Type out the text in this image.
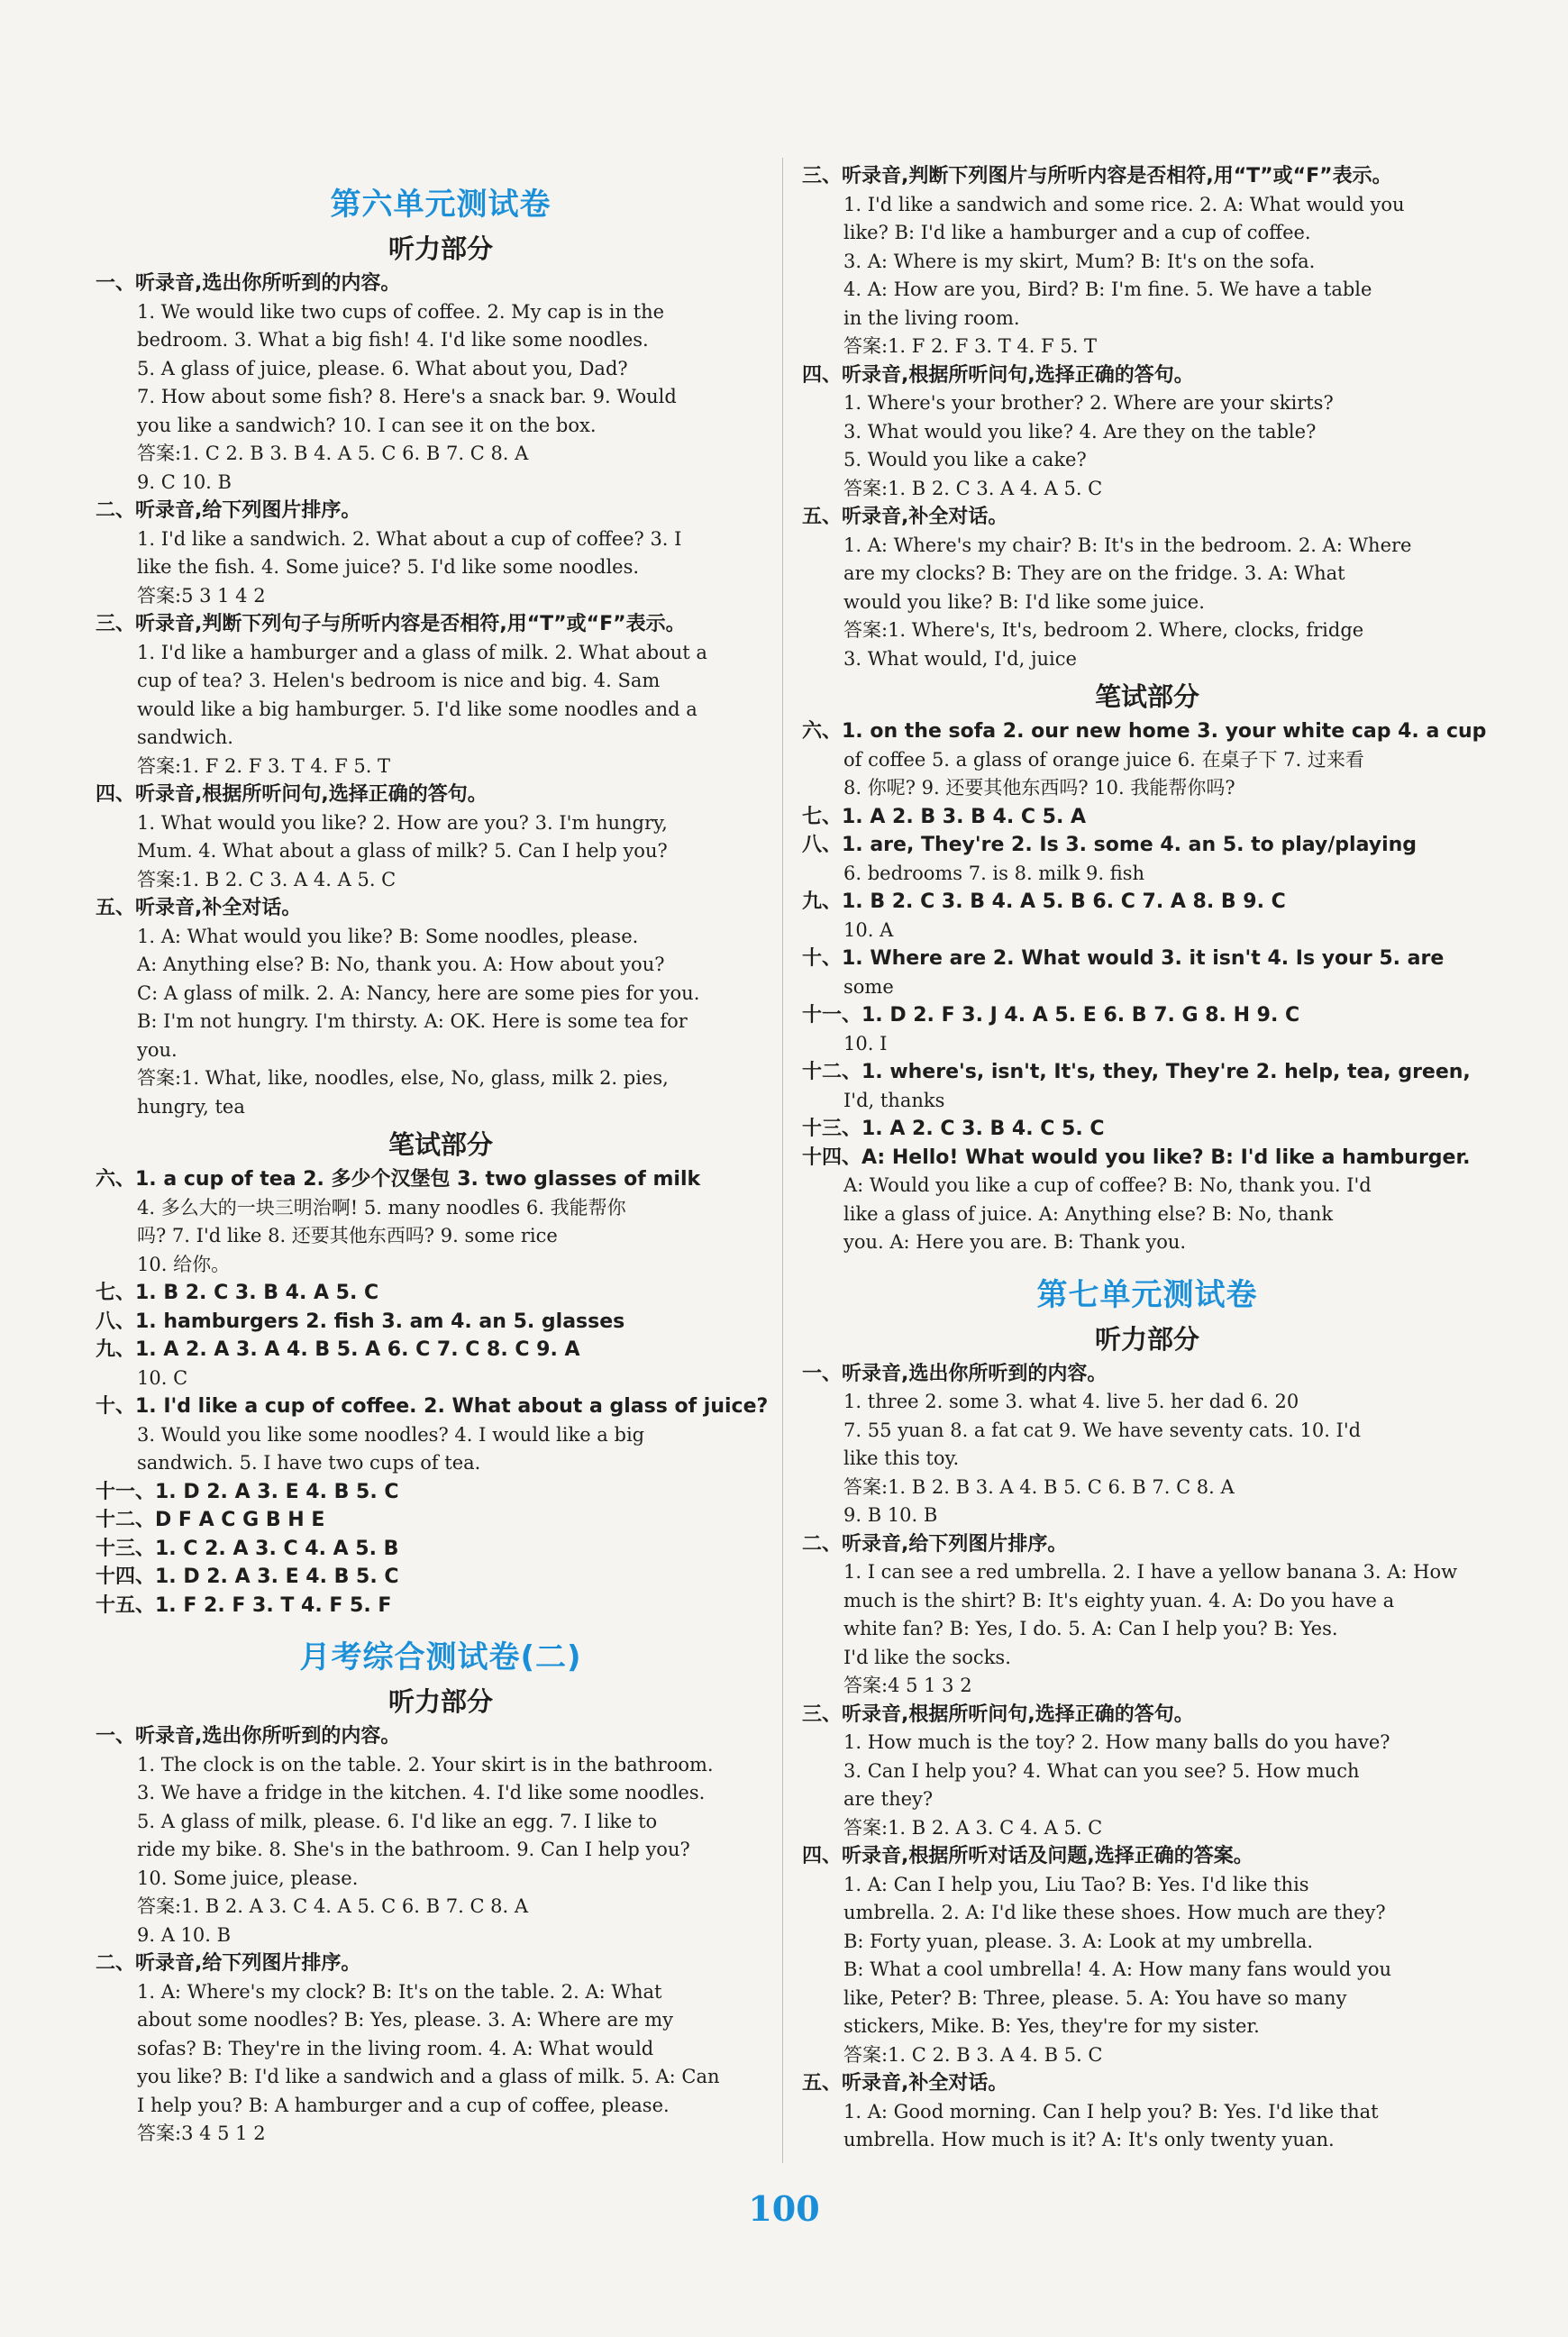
第六单元测试卷
听力部分
一、听录音,选出你所听到的内容。
1. We would like two cups of coffee. 2. My cap is in the
bedroom. 3. What a big fish! 4. I'd like some noodles.
5. A glass of juice, please. 6. What about you, Dad?
7. How about some fish? 8. Here's a snack bar. 9. Would
you like a sandwich? 10. I can see it on the box.
答案:1. C 2. B 3. B 4. A 5. C 6. B 7. C 8. A
9. C 10. B
二、听录音,给下列图片排序。
1. I'd like a sandwich. 2. What about a cup of coffee? 3. I
like the fish. 4. Some juice? 5. I'd like some noodles.
答案:5 3 1 4 2
三、听录音,判断下列句子与所听内容是否相符,用“T”或“F”表示。
1. I'd like a hamburger and a glass of milk. 2. What about a
cup of tea? 3. Helen's bedroom is nice and big. 4. Sam
would like a big hamburger. 5. I'd like some noodles and a
sandwich.
答案:1. F 2. F 3. T 4. F 5. T
四、听录音,根据所听问句,选择正确的答句。
1. What would you like? 2. How are you? 3. I'm hungry,
Mum. 4. What about a glass of milk? 5. Can I help you?
答案:1. B 2. C 3. A 4. A 5. C
五、听录音,补全对话。
1. A: What would you like? B: Some noodles, please.
A: Anything else? B: No, thank you. A: How about you?
C: A glass of milk. 2. A: Nancy, here are some pies for you.
B: I'm not hungry. I'm thirsty. A: OK. Here is some tea for
you.
答案:1. What, like, noodles, else, No, glass, milk 2. pies,
hungry, tea
笔试部分
六、1. a cup of tea 2. 多少个汉堡包 3. two glasses of milk
4. 多么大的一块三明治啊! 5. many noodles 6. 我能帮你
吗? 7. I'd like 8. 还要其他东西吗? 9. some rice
10. 给你。
七、1. B 2. C 3. B 4. A 5. C
八、1. hamburgers 2. fish 3. am 4. an 5. glasses
九、1. A 2. A 3. A 4. B 5. A 6. C 7. C 8. C 9. A
10. C
十、1. I'd like a cup of coffee. 2. What about a glass of juice?
3. Would you like some noodles? 4. I would like a big
sandwich. 5. I have two cups of tea.
十一、1. D 2. A 3. E 4. B 5. C
十二、D F A C G B H E
十三、1. C 2. A 3. C 4. A 5. B
十四、1. D 2. A 3. E 4. B 5. C
十五、1. F 2. F 3. T 4. F 5. F
月考综合测试卷(二)
听力部分
一、听录音,选出你所听到的内容。
1. The clock is on the table. 2. Your skirt is in the bathroom.
3. We have a fridge in the kitchen. 4. I'd like some noodles.
5. A glass of milk, please. 6. I'd like an egg. 7. I like to
ride my bike. 8. She's in the bathroom. 9. Can I help you?
10. Some juice, please.
答案:1. B 2. A 3. C 4. A 5. C 6. B 7. C 8. A
9. A 10. B
二、听录音,给下列图片排序。
1. A: Where's my clock? B: It's on the table. 2. A: What
about some noodles? B: Yes, please. 3. A: Where are my
sofas? B: They're in the living room. 4. A: What would
you like? B: I'd like a sandwich and a glass of milk. 5. A: Can
I help you? B: A hamburger and a cup of coffee, please.
答案:3 4 5 1 2
三、听录音,判断下列图片与所听内容是否相符,用“T”或“F”表示。
1. I'd like a sandwich and some rice. 2. A: What would you
like? B: I'd like a hamburger and a cup of coffee.
3. A: Where is my skirt, Mum? B: It's on the sofa.
4. A: How are you, Bird? B: I'm fine. 5. We have a table
in the living room.
答案:1. F 2. F 3. T 4. F 5. T
四、听录音,根据所听问句,选择正确的答句。
1. Where's your brother? 2. Where are your skirts?
3. What would you like? 4. Are they on the table?
5. Would you like a cake?
答案:1. B 2. C 3. A 4. A 5. C
五、听录音,补全对话。
1. A: Where's my chair? B: It's in the bedroom. 2. A: Where
are my clocks? B: They are on the fridge. 3. A: What
would you like? B: I'd like some juice.
答案:1. Where's, It's, bedroom 2. Where, clocks, fridge
3. What would, I'd, juice
笔试部分
六、1. on the sofa 2. our new home 3. your white cap 4. a cup
of coffee 5. a glass of orange juice 6. 在桌子下 7. 过来看
8. 你呢? 9. 还要其他东西吗? 10. 我能帮你吗?
七、1. A 2. B 3. B 4. C 5. A
八、1. are, They're 2. Is 3. some 4. an 5. to play/playing
6. bedrooms 7. is 8. milk 9. fish
九、1. B 2. C 3. B 4. A 5. B 6. C 7. A 8. B 9. C
10. A
十、1. Where are 2. What would 3. it isn't 4. Is your 5. are
some
十一、1. D 2. F 3. J 4. A 5. E 6. B 7. G 8. H 9. C
10. I
十二、1. where's, isn't, It's, they, They're 2. help, tea, green,
I'd, thanks
十三、1. A 2. C 3. B 4. C 5. C
十四、A: Hello! What would you like? B: I'd like a hamburger.
A: Would you like a cup of coffee? B: No, thank you. I'd
like a glass of juice. A: Anything else? B: No, thank
you. A: Here you are. B: Thank you.
第七单元测试卷
听力部分
一、听录音,选出你所听到的内容。
1. three 2. some 3. what 4. live 5. her dad 6. 20
7. 55 yuan 8. a fat cat 9. We have seventy cats. 10. I'd
like this toy.
答案:1. B 2. B 3. A 4. B 5. C 6. B 7. C 8. A
9. B 10. B
二、听录音,给下列图片排序。
1. I can see a red umbrella. 2. I have a yellow banana 3. A: How
much is the shirt? B: It's eighty yuan. 4. A: Do you have a
white fan? B: Yes, I do. 5. A: Can I help you? B: Yes.
I'd like the socks.
答案:4 5 1 3 2
三、听录音,根据所听问句,选择正确的答句。
1. How much is the toy? 2. How many balls do you have?
3. Can I help you? 4. What can you see? 5. How much
are they?
答案:1. B 2. A 3. C 4. A 5. C
四、听录音,根据所听对话及问题,选择正确的答案。
1. A: Can I help you, Liu Tao? B: Yes. I'd like this
umbrella. 2. A: I'd like these shoes. How much are they?
B: Forty yuan, please. 3. A: Look at my umbrella.
B: What a cool umbrella! 4. A: How many fans would you
like, Peter? B: Three, please. 5. A: You have so many
stickers, Mike. B: Yes, they're for my sister.
答案:1. C 2. B 3. A 4. B 5. C
五、听录音,补全对话。
1. A: Good morning. Can I help you? B: Yes. I'd like that
umbrella. How much is it? A: It's only twenty yuan.
100
